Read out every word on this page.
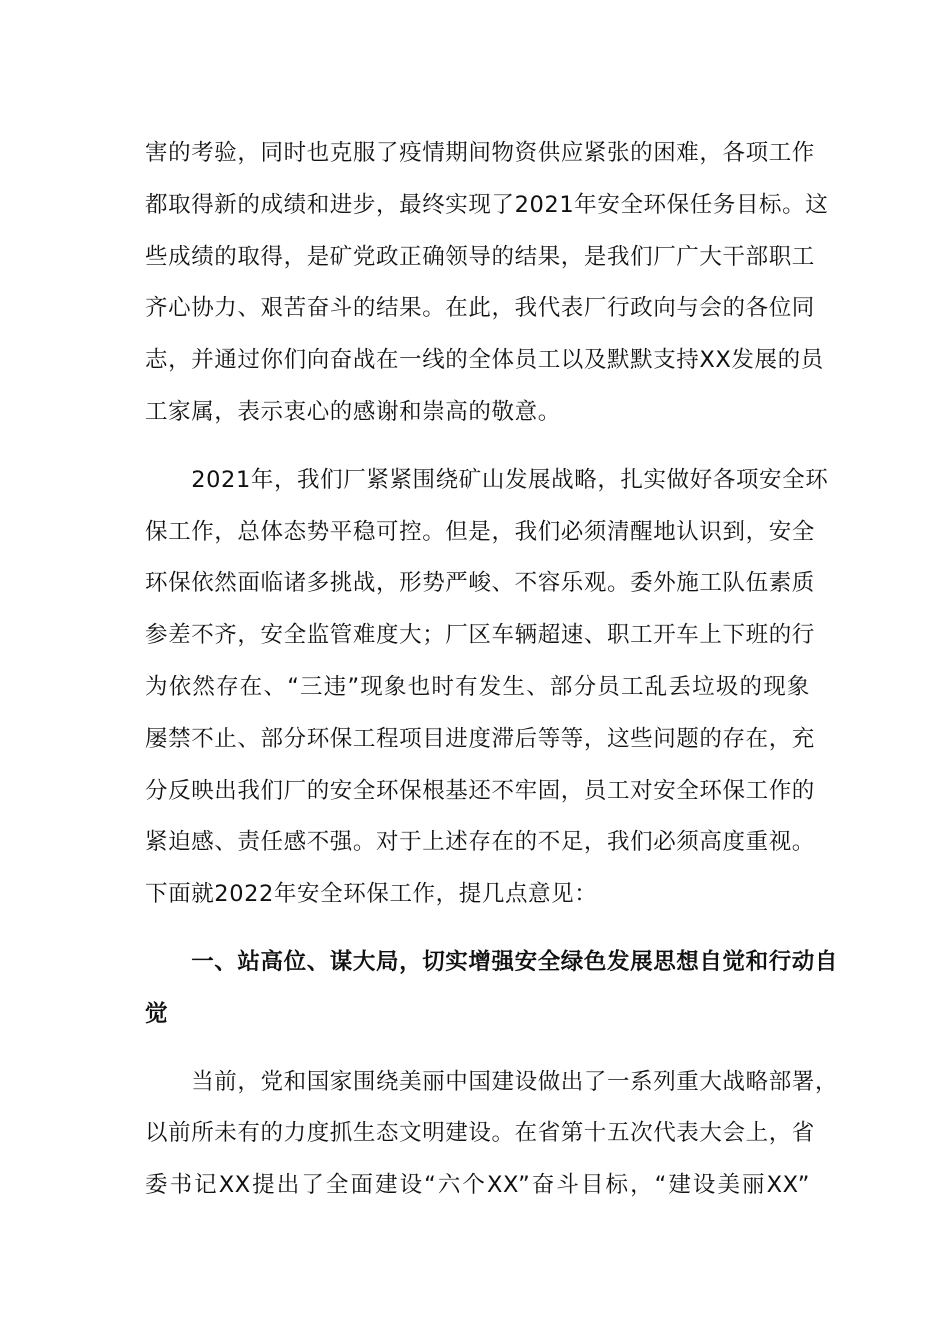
害的考验，同时也克服了疫情期间物资供应紧张的困难，各项工作
都取得新的成绩和进步，最终实现了2021年安全环保任务目标。这
些成绩的取得，是矿党政正确领导的结果，是我们厂广大干部职工
齐心协力、艰苦奋斗的结果。在此，我代表厂行政向与会的各位同
志，并通过你们向奋战在一线的全体员工以及默默支持XX发展的员
工家属，表示衷心的感谢和崇高的敬意。

　　2021年，我们厂紧紧围绕矿山发展战略，扎实做好各项安全环
保工作，总体态势平稳可控。但是，我们必须清醒地认识到，安全
环保依然面临诸多挑战，形势严峻、不容乐观。委外施工队伍素质
参差不齐，安全监管难度大；厂区车辆超速、职工开车上下班的行
为依然存在、“三违”现象也时有发生、部分员工乱丢垃圾的现象
屡禁不止、部分环保工程项目进度滞后等等，这些问题的存在，充
分反映出我们厂的安全环保根基还不牢固，员工对安全环保工作的
紧迫感、责任感不强。对于上述存在的不足，我们必须高度重视。
下面就2022年安全环保工作，提几点意见：

　　一、站高位、谋大局，切实增强安全绿色发展思想自觉和行动自
觉

　　当前，党和国家围绕美丽中国建设做出了一系列重大战略部署，
以前所未有的力度抓生态文明建设。在省第十五次代表大会上，省
委书记XX提出了全面建设“六个XX”奋斗目标，“建设美丽XX”
